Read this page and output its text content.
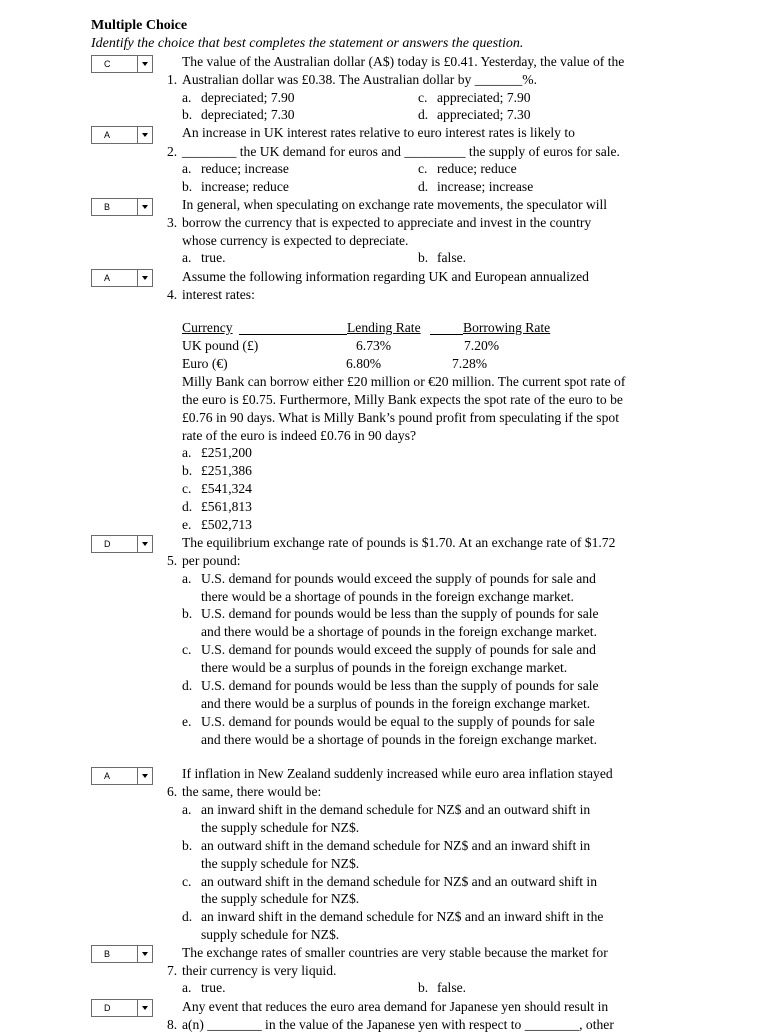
Multiple Choice
Identify the choice that best completes the statement or answers the question.
C	The value of the Australian dollar (A$) today is £0.41. Yesterday, the value of the
1. Australian dollar was £0.38. The Australian dollar by _______%.
a. depreciated; 7.90
b. depreciated; 7.30
c. appreciated; 7.90
d. appreciated; 7.30
A	An increase in UK interest rates relative to euro interest rates is likely to
2. ________ the UK demand for euros and _________ the supply of euros for sale.
a. reduce; increase
b. increase; reduce
c. reduce; reduce
d. increase; increase
B	In general, when speculating on exchange rate movements, the speculator will
3. borrow the currency that is expected to appreciate and invest in the country
whose currency is expected to depreciate.
a. true.	b. false.
A	Assume the following information regarding UK and European annualized
4. interest rates:
Currency	Lending Rate	Borrowing Rate
UK pound (£)	6.73%	7.20%
Euro (€)	6.80%	7.28%
Milly Bank can borrow either £20 million or €20 million. The current spot rate of
the euro is £0.75. Furthermore, Milly Bank expects the spot rate of the euro to be
£0.76 in 90 days. What is Milly Bank’s pound profit from speculating if the spot
rate of the euro is indeed £0.76 in 90 days?
a. £251,200
b. £251,386
c. £541,324
d. £561,813
e. £502,713
D	The equilibrium exchange rate of pounds is $1.70. At an exchange rate of $1.72
5. per pound:
a. U.S. demand for pounds would exceed the supply of pounds for sale and
there would be a shortage of pounds in the foreign exchange market.
b. U.S. demand for pounds would be less than the supply of pounds for sale
and there would be a shortage of pounds in the foreign exchange market.
c. U.S. demand for pounds would exceed the supply of pounds for sale and
there would be a surplus of pounds in the foreign exchange market.
d. U.S. demand for pounds would be less than the supply of pounds for sale
and there would be a surplus of pounds in the foreign exchange market.
e. U.S. demand for pounds would be equal to the supply of pounds for sale
and there would be a shortage of pounds in the foreign exchange market.
A	If inflation in New Zealand suddenly increased while euro area inflation stayed
6. the same, there would be:
a. an inward shift in the demand schedule for NZ$ and an outward shift in
the supply schedule for NZ$.
b. an outward shift in the demand schedule for NZ$ and an inward shift in
the supply schedule for NZ$.
c. an outward shift in the demand schedule for NZ$ and an outward shift in
the supply schedule for NZ$.
d. an inward shift in the demand schedule for NZ$ and an inward shift in the
supply schedule for NZ$.
B	The exchange rates of smaller countries are very stable because the market for
7. their currency is very liquid.
a. true.	b. false.
D	Any event that reduces the euro area demand for Japanese yen should result in
8. a(n) ________ in the value of the Japanese yen with respect to ________, other
